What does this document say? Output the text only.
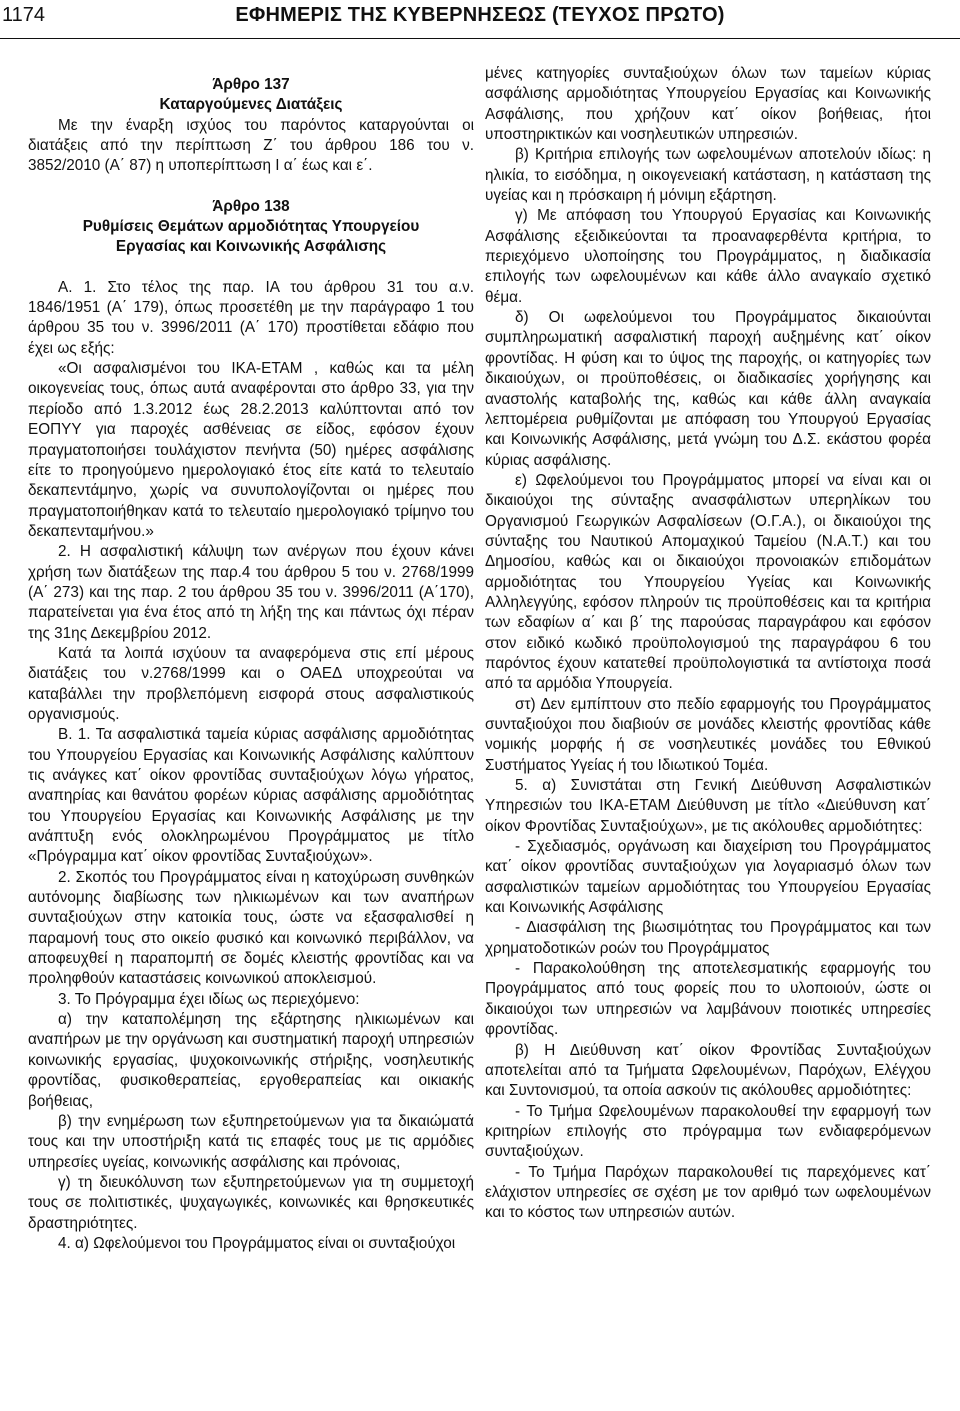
1174	ΕΦΗΜΕΡΙΣ ΤΗΣ ΚΥΒΕΡΝΗΣΕΩΣ (ΤΕΥΧΟΣ ΠΡΩΤΟ)
Άρθρο 137
Καταργούμενες Διατάξεις

Με την έναρξη ισχύος του παρόντος καταργούνται οι διατάξεις από την περίπτωση Ζ΄ του άρθρου 186 του ν. 3852/2010 (Α΄ 87) η υποπερίπτωση Ι α΄ έως και ε΄.

Άρθρο 138
Ρυθμίσεις Θεμάτων αρμοδιότητας Υπουργείου
Εργασίας και Κοινωνικής Ασφάλισης

Α. 1. Στο τέλος της παρ. ΙΑ του άρθρου 31 του α.ν. 1846/1951 (Α΄ 179), όπως προσετέθη με την παράγραφο 1 του άρθρου 35 του ν. 3996/2011 (Α΄ 170) προστίθεται εδάφιο που έχει ως εξής:

«Οι ασφαλισμένοι του ΙΚΑ-ΕΤΑΜ , καθώς και τα μέλη οικογενείας τους, όπως αυτά αναφέρονται στο άρθρο 33, για την περίοδο από 1.3.2012 έως 28.2.2013 καλύπτονται από τον ΕΟΠΥΥ για παροχές ασθένειας σε είδος, εφόσον έχουν πραγματοποιήσει τουλάχιστον πενήντα (50) ημέρες ασφάλισης είτε το προηγούμενο ημερολογιακό έτος είτε κατά το τελευταίο δεκαπεντάμηνο, χωρίς να συνυπολογίζονται οι ημέρες που πραγματοποιήθηκαν κατά το τελευταίο ημερολογιακό τρίμηνο του δεκαπενταμήνου.»

2. Η ασφαλιστική κάλυψη των ανέργων που έχουν κάνει χρήση των διατάξεων της παρ.4 του άρθρου 5 του ν. 2768/1999 (Α΄ 273) και της παρ. 2 του άρθρου 35 του ν. 3996/2011 (Α΄170), παρατείνεται για ένα έτος από τη λήξη της και πάντως όχι πέραν της 31ης Δεκεμβρίου 2012.

Κατά τα λοιπά ισχύουν τα αναφερόμενα στις επί μέρους διατάξεις του ν.2768/1999 και ο ΟΑΕΔ υποχρεούται να καταβάλλει την προβλεπόμενη εισφορά στους ασφαλιστικούς οργανισμούς.

Β. 1. Τα ασφαλιστικά ταμεία κύριας ασφάλισης αρμοδιότητας του Υπουργείου Εργασίας και Κοινωνικής Ασφάλισης καλύπτουν τις ανάγκες κατ΄ οίκον φροντίδας συνταξιούχων λόγω γήρατος, αναπηρίας και θανάτου φορέων κύριας ασφάλισης αρμοδιότητας του Υπουργείου Εργασίας και Κοινωνικής Ασφάλισης με την ανάπτυξη ενός ολοκληρωμένου Προγράμματος με τίτλο «Πρόγραμμα κατ΄ οίκον φροντίδας Συνταξιούχων».

2. Σκοπός του Προγράμματος είναι η κατοχύρωση συνθηκών αυτόνομης διαβίωσης των ηλικιωμένων και των αναπήρων συνταξιούχων στην κατοικία τους, ώστε να εξασφαλισθεί η παραμονή τους στο οικείο φυσικό και κοινωνικό περιβάλλον, να αποφευχθεί η παραπομπή σε δομές κλειστής φροντίδας και να προληφθούν καταστάσεις κοινωνικού αποκλεισμού.

3. Το Πρόγραμμα έχει ιδίως ως περιεχόμενο:

α) την καταπολέμηση της εξάρτησης ηλικιωμένων και αναπήρων με την οργάνωση και συστηματική παροχή υπηρεσιών κοινωνικής εργασίας, ψυχοκοινωνικής στήριξης, νοσηλευτικής φροντίδας, φυσικοθεραπείας, εργοθεραπείας και οικιακής βοήθειας,

β) την ενημέρωση των εξυπηρετούμενων για τα δικαιώματά τους και την υποστήριξη κατά τις επαφές τους με τις αρμόδιες υπηρεσίες υγείας, κοινωνικής ασφάλισης και πρόνοιας,

γ) τη διευκόλυνση των εξυπηρετούμενων για τη συμμετοχή τους σε πολιτιστικές, ψυχαγωγικές, κοινωνικές και θρησκευτικές δραστηριότητες.

4. α) Ωφελούμενοι του Προγράμματος είναι οι συνταξιούχοι

μένες κατηγορίες συνταξιούχων όλων των ταμείων κύριας ασφάλισης αρμοδιότητας Υπουργείου Εργασίας και Κοινωνικής Ασφάλισης, που χρήζουν κατ΄ οίκον βοήθειας, ήτοι υποστηρικτικών και νοσηλευτικών υπηρεσιών.

β) Κριτήρια επιλογής των ωφελουμένων αποτελούν ιδίως: η ηλικία, το εισόδημα, η οικογενειακή κατάσταση, η κατάσταση της υγείας και η πρόσκαιρη ή μόνιμη εξάρτηση.

γ) Με απόφαση του Υπουργού Εργασίας και Κοινωνικής Ασφάλισης εξειδικεύονται τα προαναφερθέντα κριτήρια, το περιεχόμενο υλοποίησης του Προγράμματος, η διαδικασία επιλογής των ωφελουμένων και κάθε άλλο αναγκαίο σχετικό θέμα.

δ) Οι ωφελούμενοι του Προγράμματος δικαιούνται συμπληρωματική ασφαλιστική παροχή αυξημένης κατ΄ οίκον φροντίδας. Η φύση και το ύψος της παροχής, οι κατηγορίες των δικαιούχων, οι προϋποθέσεις, οι διαδικασίες χορήγησης και αναστολής καταβολής της, καθώς και κάθε άλλη αναγκαία λεπτομέρεια ρυθμίζονται με απόφαση του Υπουργού Εργασίας και Κοινωνικής Ασφάλισης, μετά γνώμη του Δ.Σ. εκάστου φορέα κύριας ασφάλισης.

ε) Ωφελούμενοι του Προγράμματος μπορεί να είναι και οι δικαιούχοι της σύνταξης ανασφάλιστων υπερηλίκων του Οργανισμού Γεωργικών Ασφαλίσεων (Ο.Γ.Α.), οι δικαιούχοι της σύνταξης του Ναυτικού Απομαχικού Ταμείου (Ν.Α.Τ.) και του Δημοσίου, καθώς και οι δικαιούχοι προνοιακών επιδομάτων αρμοδιότητας του Υπουργείου Υγείας και Κοινωνικής Αλληλεγγύης, εφόσον πληρούν τις προϋποθέσεις και τα κριτήρια των εδαφίων α΄ και β΄ της παρούσας παραγράφου και εφόσον στον ειδικό κωδικό προϋπολογισμού της παραγράφου 6 του παρόντος έχουν κατατεθεί προϋπολογιστικά τα αντίστοιχα ποσά από τα αρμόδια Υπουργεία.

στ) Δεν εμπίπτουν στο πεδίο εφαρμογής του Προγράμματος συνταξιούχοι που διαβιούν σε μονάδες κλειστής φροντίδας κάθε νομικής μορφής ή σε νοσηλευτικές μονάδες του Εθνικού Συστήματος Υγείας ή του Ιδιωτικού Τομέα.

5. α) Συνιστάται στη Γενική Διεύθυνση Ασφαλιστικών Υπηρεσιών του ΙΚΑ-ΕΤΑΜ Διεύθυνση με τίτλο «Διεύθυνση κατ΄ οίκον Φροντίδας Συνταξιούχων», με τις ακόλουθες αρμοδιότητες:

- Σχεδιασμός, οργάνωση και διαχείριση του Προγράμματος κατ΄ οίκον φροντίδας συνταξιούχων για λογαριασμό όλων των ασφαλιστικών ταμείων αρμοδιότητας του Υπουργείου Εργασίας και Κοινωνικής Ασφάλισης

- Διασφάλιση της βιωσιμότητας του Προγράμματος και των χρηματοδοτικών ροών του Προγράμματος

- Παρακολούθηση της αποτελεσματικής εφαρμογής του Προγράμματος από τους φορείς που το υλοποιούν, ώστε οι δικαιούχοι των υπηρεσιών να λαμβάνουν ποιοτικές υπηρεσίες φροντίδας.

β) Η Διεύθυνση κατ΄ οίκον Φροντίδας Συνταξιούχων αποτελείται από τα Τμήματα Ωφελουμένων, Παρόχων, Ελέγχου και Συντονισμού, τα οποία ασκούν τις ακόλουθες αρμοδιότητες:

- Το Τμήμα Ωφελουμένων παρακολουθεί την εφαρμογή των κριτηρίων επιλογής στο πρόγραμμα των ενδιαφερόμενων συνταξιούχων.

- Το Τμήμα Παρόχων παρακολουθεί τις παρεχόμενες κατ΄ ελάχιστον υπηρεσίες σε σχέση με τον αριθμό των ωφελουμένων και το κόστος των υπηρεσιών αυτών.
